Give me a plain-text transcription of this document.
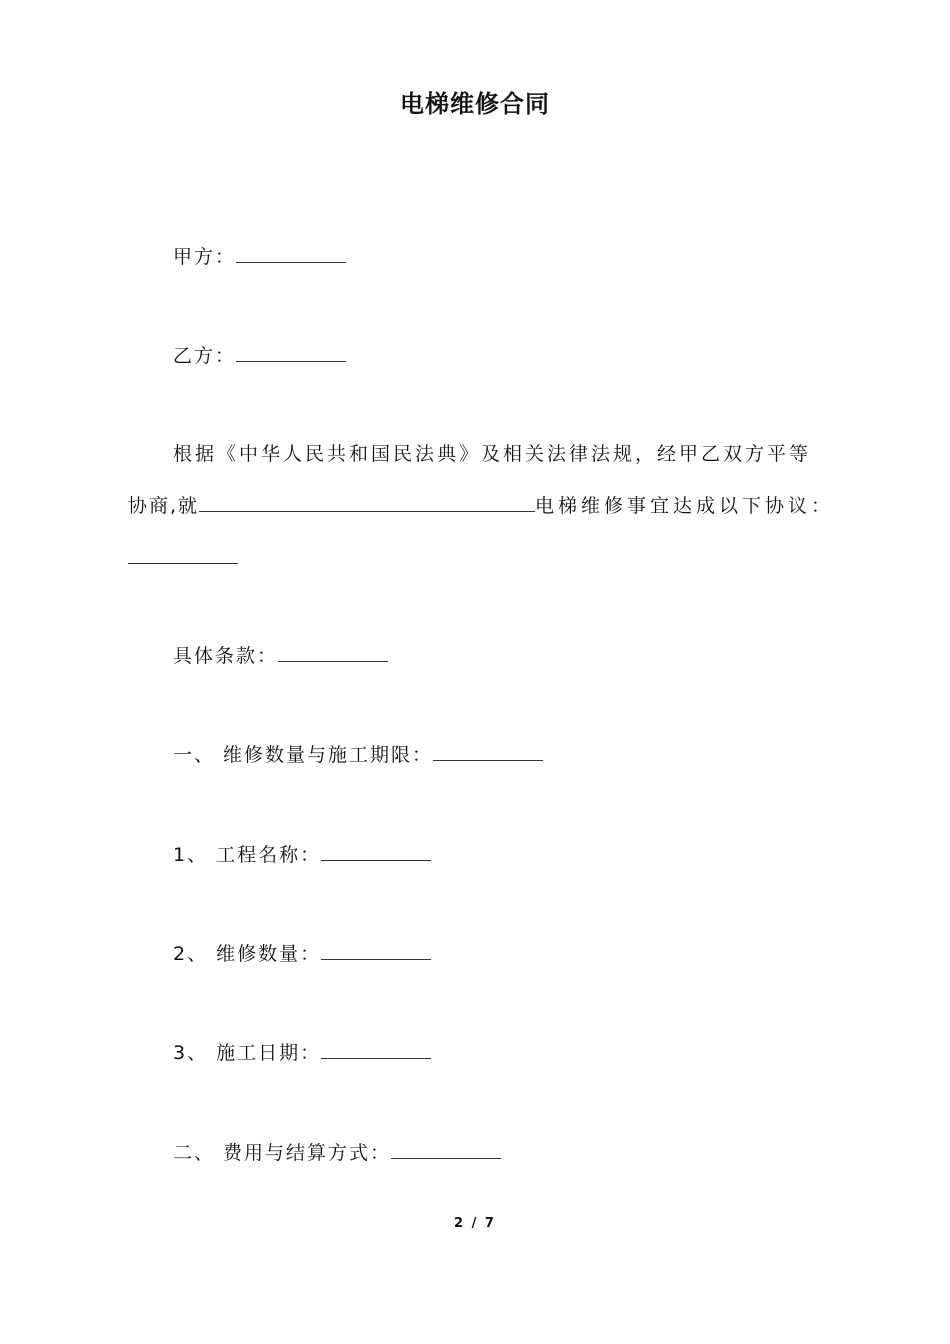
电梯维修合同
甲方：
乙方：
根据《中华人民共和国民法典》及相关法律法规，经甲乙双方平等
协商,就	电梯维修事宜达成以下协议：
具体条款：
一、 维修数量与施工期限：
1、 工程名称：
2、 维修数量：
3、 施工日期：
二、 费用与结算方式：
2 / 7
